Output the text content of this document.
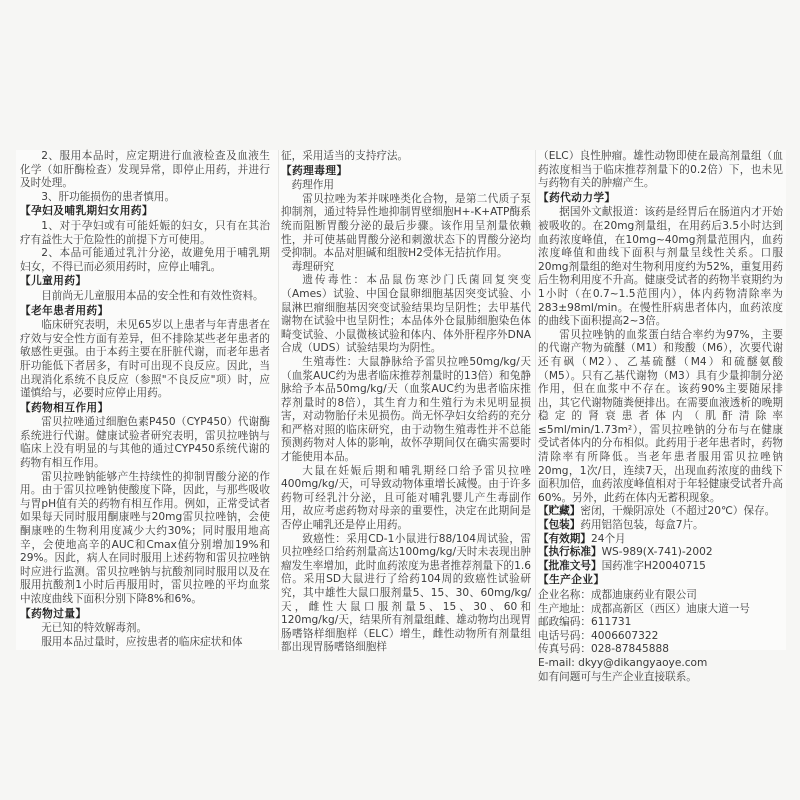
2、服用本品时，应定期进行血液检查及血液生化学（如肝酶检查）发现异常，即停止用药，并进行及时处理。

3、肝功能损伤的患者慎用。

【孕妇及哺乳期妇女用药】

1、对于孕妇或有可能妊娠的妇女，只有在其治疗有益性大于危险性的前提下方可使用。

2、本品可能通过乳汁分泌，故避免用于哺乳期妇女，不得已而必须用药时，应停止哺乳。

【儿童用药】

目前尚无儿童服用本品的安全性和有效性资料。

【老年患者用药】

临床研究表明，未见65岁以上患者与年青患者在疗效与安全性方面有差异，但不排除某些老年患者的敏感性更强。由于本药主要在肝脏代谢，而老年患者肝功能低下者居多，有时可出现不良反应。因此，当出现消化系统不良反应（参照"不良反应"项）时，应谨慎给与，必要时应停止用药。

【药物相互作用】

雷贝拉唑通过细胞色素P450（CYP450）代谢酶系统进行代谢。健康试验者研究表明，雷贝拉唑钠与临床上没有明显的与其他的通过CYP450系统代谢的药物有相互作用。

雷贝拉唑钠能够产生持续性的抑制胃酸分泌的作用。由于雷贝拉唑钠使酸度下降，因此，与那些吸收与胃pH值有关的药物有相互作用。例如，正常受试者如果每天同时服用酮康唑与20mg雷贝拉唑钠，会使酮康唑的生物利用度减少大约30%；同时服用地高辛，会使地高辛的AUC和Cmax值分别增加19%和29%。因此，病人在同时服用上述药物和雷贝拉唑钠时应进行监测。雷贝拉唑钠与抗酸剂同时服用以及在服用抗酸剂1小时后再服用时，雷贝拉唑的平均血浆中浓度曲线下面积分别下降8%和6%。

【药物过量】

无已知的特效解毒剂。

服用本品过量时，应按患者的临床症状和体

征，采用适当的支持疗法。

【药理毒理】

药理作用

雷贝拉唑为苯并咪唑类化合物，是第二代质子泵抑制剂，通过特异性地抑制胃壁细胞H+-K+ATP酶系统而阻断胃酸分泌的最后步骤。该作用呈剂量依赖性，并可使基础胃酸分泌和刺激状态下的胃酸分泌均受抑制。本品对胆碱和组胺H2受体无拮抗作用。

毒理研究

遗传毒性：本品鼠伤寒沙门氏菌回复突变（Ames）试验、中国仓鼠卵细胞基因突变试验、小鼠淋巴瘤细胞基因突变试验结果均呈阴性；去甲基代谢物在试验中也呈阴性；本品体外仓鼠肺细胞染色体畸变试验、小鼠微核试验和体内、体外肝程序外DNA合成（UDS）试验结果均为阴性。

生殖毒性：大鼠静脉给予雷贝拉唑50mg/kg/天（血浆AUC约为患者临床推荐剂量时的13倍）和兔静脉给予本品50mg/kg/天（血浆AUC约为患者临床推荐剂量时的8倍），其生育力和生殖行为未见明显损害，对动物胎仔未见损伤。尚无怀孕妇女给药的充分和严格对照的临床研究，由于动物生殖毒性并不总能预测药物对人体的影响，故怀孕期间仅在确实需要时才能使用本品。

大鼠在妊娠后期和哺乳期经口给予雷贝拉唑400mg/kg/天，可导致动物体重增长减慢。由于许多药物可经乳汁分泌，且可能对哺乳婴儿产生毒副作用，故应考虑药物对母亲的重要性，决定在此期间是否停止哺乳还是停止用药。

致癌性：采用CD-1小鼠进行88/104周试验，雷贝拉唑经口给药剂量高达100mg/kg/天时未表现出肿瘤发生率增加，此时血药浓度为患者推荐剂量下的1.6倍。采用SD大鼠进行了给药104周的致癌性试验研究，其中雄性大鼠口服剂量5、15、30、60mg/kg/天，雌性大鼠口服剂量5、15、30、60和120mg/kg/天，结果所有剂量组雌、雄动物均出现胃肠嗜铬样细胞样（ELC）增生，雌性动物所有剂量组都出现胃肠嗜铬细胞样

（ELC）良性肿瘤。雄性动物即使在最高剂量组（血药浓度相当于临床推荐剂量下的0.2倍）下，也未见与药物有关的肿瘤产生。

【药代动力学】

据国外文献报道：该药是经胃后在肠道内才开始被吸收的。在20mg剂量组，在用药后3.5小时达到血药浓度峰值，在10mg~40mg剂量范围内，血药浓度峰值和曲线下面积与剂量呈线性关系。口服20mg剂量组的绝对生物利用度约为52%，重复用药后生物利用度不升高。健康受试者的药物半衰期约为1小时（在0.7~1.5范围内），体内药物清除率为283±98ml/min。在慢性肝病患者体内，血药浓度的曲线下面积提高2~3倍。

雷贝拉唑钠的血浆蛋白结合率约为97%，主要的代谢产物为硫醚（M1）和羧酸（M6），次要代谢还有砜（M2）、乙基硫醚（M4）和硫醚氨酸（M5）。只有乙基代谢物（M3）具有少量抑制分泌作用，但在血浆中不存在。该药90%主要随尿排出，其它代谢物随粪便排出。在需要血液透析的晚期稳定的肾衰患者体内（肌酐清除率≤5ml/min/1.73m²），雷贝拉唑钠的分布与在健康受试者体内的分布相似。此药用于老年患者时，药物清除率有所降低。当老年患者服用雷贝拉唑钠20mg，1次/日，连续7天，出现血药浓度的曲线下面积加倍，血药浓度峰值相对于年轻健康受试者升高60%。另外，此药在体内无蓄积现象。

【贮藏】密闭，干燥阴凉处（不超过20℃）保存。

【包装】药用铝箔包装，每盒7片。

【有效期】24个月

【执行标准】WS-989(X-741)-2002

【批准文号】国药准字H20040715

【生产企业】

企业名称：成都迪康药业有限公司

生产地址：成都高新区（西区）迪康大道一号

邮政编码：611731

电话号码：4006607322

传真号码：028-87845888

E-mail: dkyy@dikangyaoye.com

如有问题可与生产企业直接联系。
